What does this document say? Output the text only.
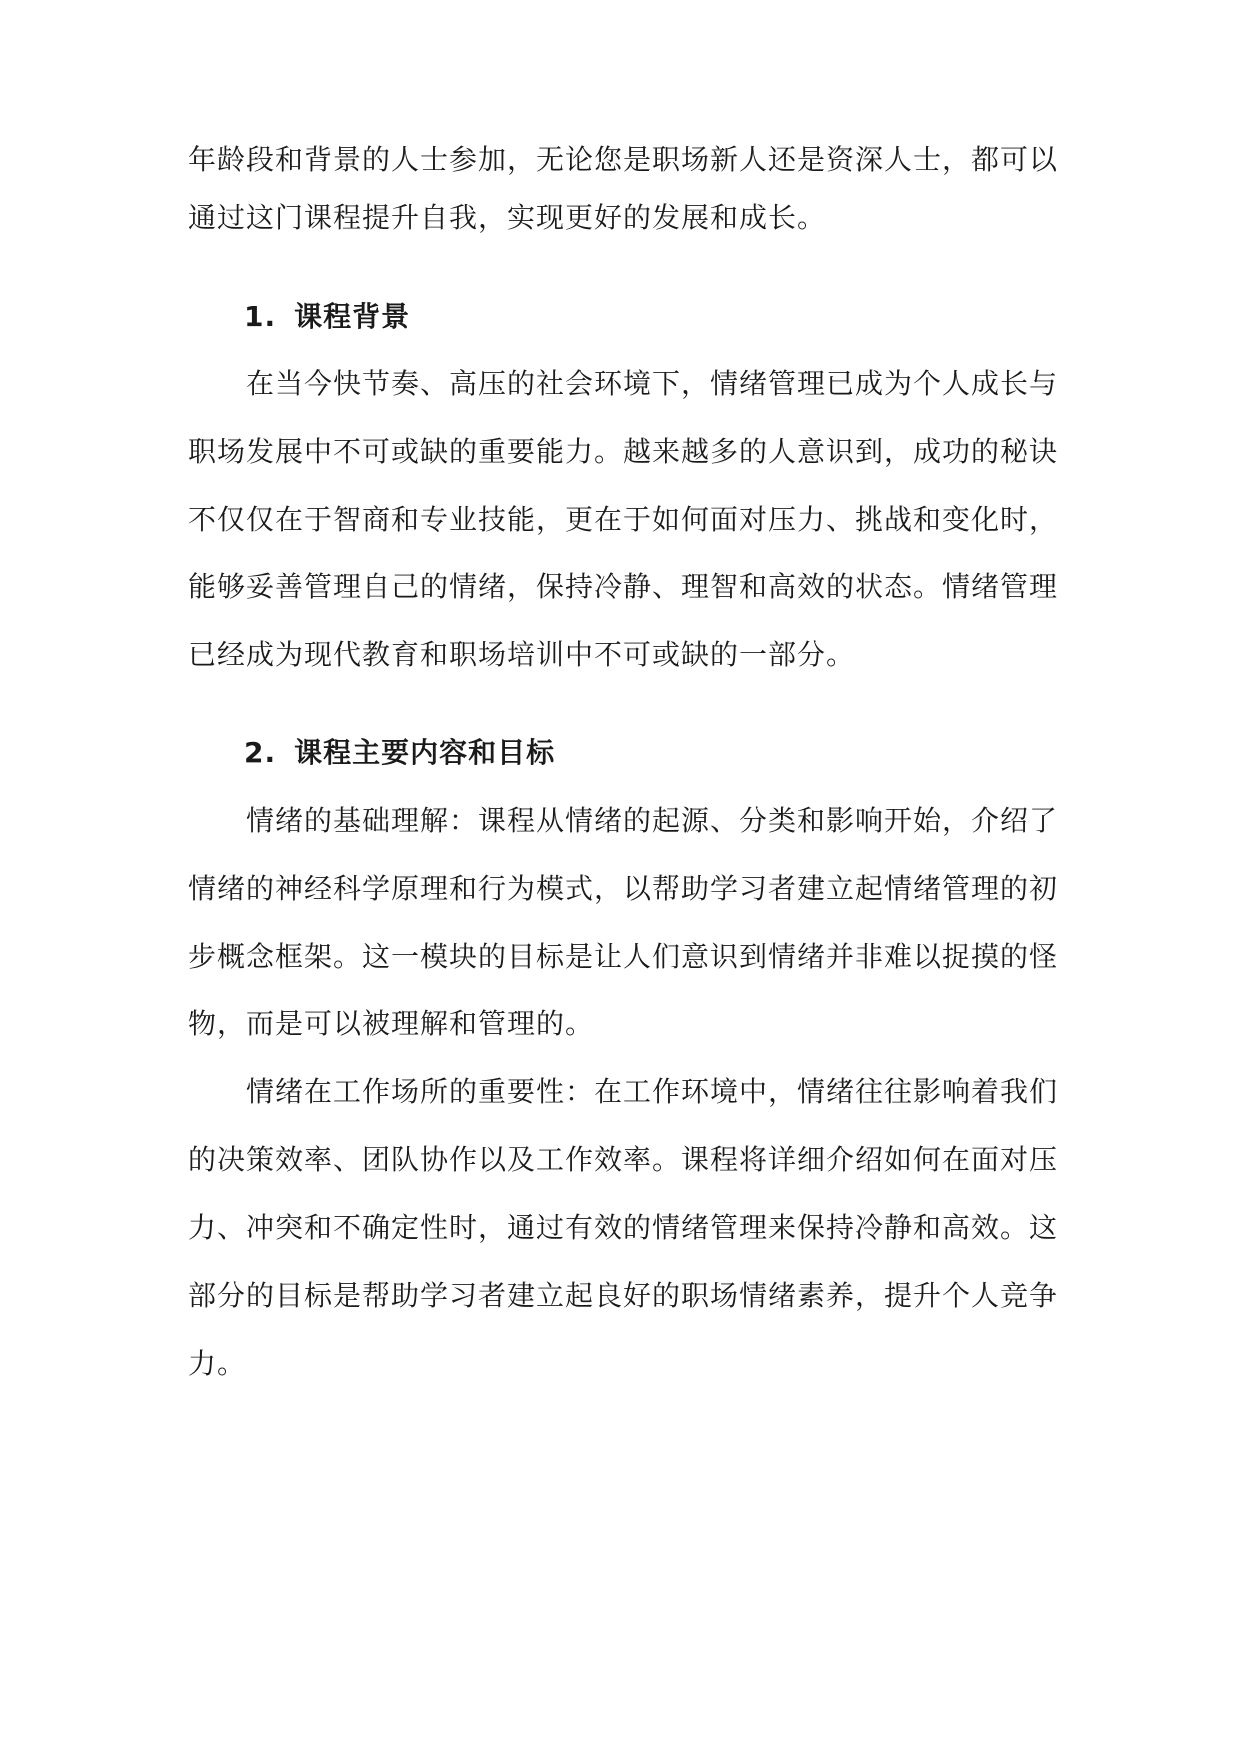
年龄段和背景的人士参加，无论您是职场新人还是资深人士，都可以
通过这门课程提升自我，实现更好的发展和成长。
1. 课程背景
在当今快节奏、高压的社会环境下，情绪管理已成为个人成长与
职场发展中不可或缺的重要能力。越来越多的人意识到，成功的秘诀
不仅仅在于智商和专业技能，更在于如何面对压力、挑战和变化时，
能够妥善管理自己的情绪，保持冷静、理智和高效的状态。情绪管理
已经成为现代教育和职场培训中不可或缺的一部分。
2. 课程主要内容和目标
情绪的基础理解：课程从情绪的起源、分类和影响开始，介绍了
情绪的神经科学原理和行为模式，以帮助学习者建立起情绪管理的初
步概念框架。这一模块的目标是让人们意识到情绪并非难以捉摸的怪
物，而是可以被理解和管理的。
情绪在工作场所的重要性：在工作环境中，情绪往往影响着我们
的决策效率、团队协作以及工作效率。课程将详细介绍如何在面对压
力、冲突和不确定性时，通过有效的情绪管理来保持冷静和高效。这
部分的目标是帮助学习者建立起良好的职场情绪素养，提升个人竞争
力。
